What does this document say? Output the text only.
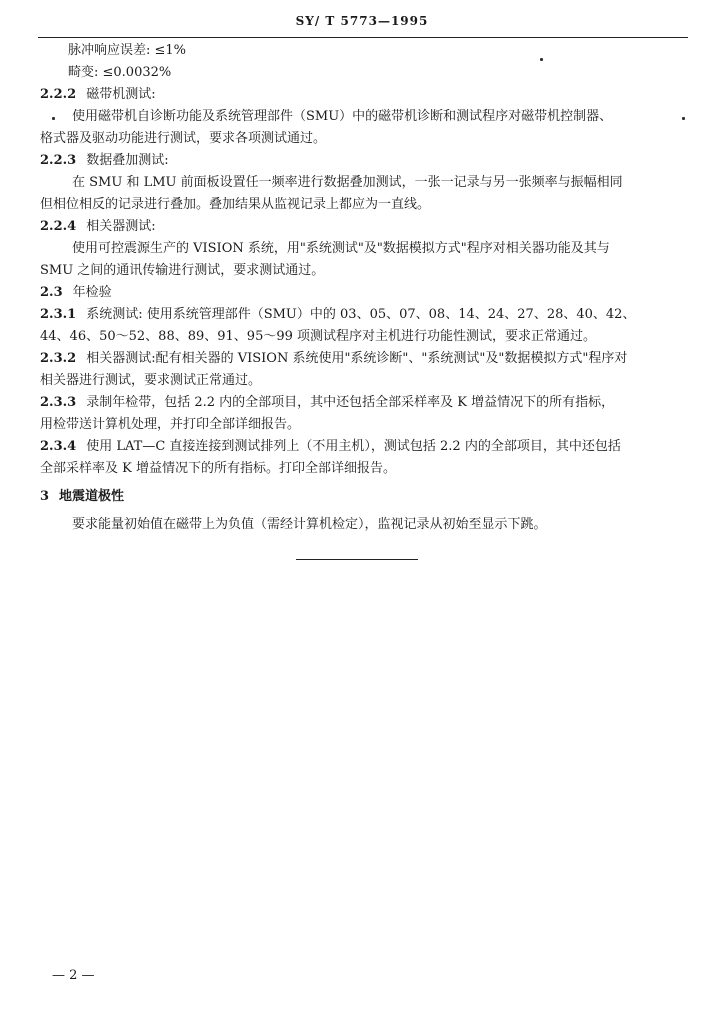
SY/ T 5773—1995
脉冲响应误差: ≤1%
畸变: ≤0.0032%
2.2.2 磁带机测试:
使用磁带机自诊断功能及系统管理部件（SMU）中的磁带机诊断和测试程序对磁带机控制器、
格式器及驱动功能进行测试，要求各项测试通过。
2.2.3 数据叠加测试:
在 SMU 和 LMU 前面板设置任一频率进行数据叠加测试，一张一记录与另一张频率与振幅相同
但相位相反的记录进行叠加。叠加结果从监视记录上都应为一直线。
2.2.4 相关器测试:
使用可控震源生产的 VISION 系统，用"系统测试"及"数据模拟方式"程序对相关器功能及其与
SMU 之间的通讯传输进行测试，要求测试通过。
2.3 年检验
2.3.1 系统测试: 使用系统管理部件（SMU）中的 03、05、07、08、14、24、27、28、40、42、
44、46、50～52、88、89、91、95～99 项测试程序对主机进行功能性测试，要求正常通过。
2.3.2 相关器测试:配有相关器的 VISION 系统使用"系统诊断"、"系统测试"及"数据模拟方式"程序对
相关器进行测试，要求测试正常通过。
2.3.3 录制年检带，包括 2.2 内的全部项目，其中还包括全部采样率及 K 增益情况下的所有指标，
用检带送计算机处理，并打印全部详细报告。
2.3.4 使用 LAT—C 直接连接到测试排列上（不用主机），测试包括 2.2 内的全部项目，其中还包括
全部采样率及 K 增益情况下的所有指标。打印全部详细报告。
3 地震道极性
要求能量初始值在磁带上为负值（需经计算机检定），监视记录从初始至显示下跳。
— 2 —
